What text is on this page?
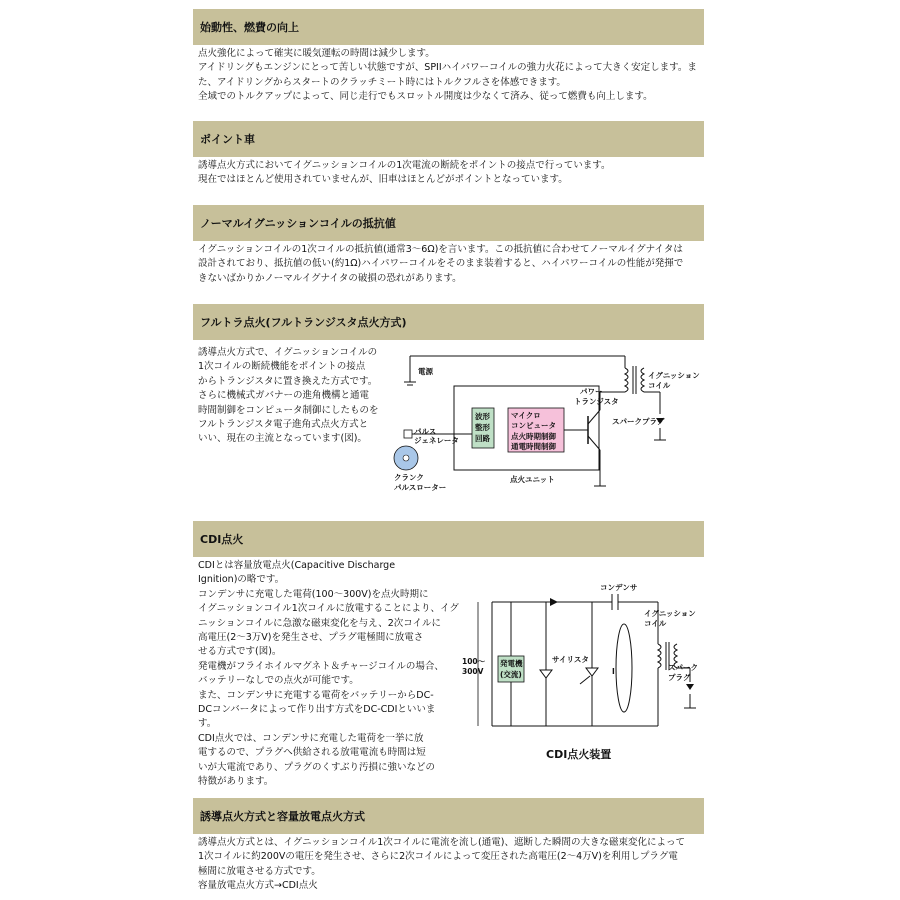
始動性、燃費の向上

点火強化によって確実に暖気運転の時間は減少します。

アイドリングもエンジンにとって苦しい状態ですが、SPIIハイパワーコイルの強力火花によって大きく安定します。ま

た、アイドリングからスタートのクラッチミート時にはトルクフルさを体感できます。

全域でのトルクアップによって、同じ走行でもスロットル開度は少なくて済み、従って燃費も向上します。

ポイント車

誘導点火方式においてイグニッションコイルの1次電流の断続をポイントの接点で行っています。

現在ではほとんど使用されていませんが、旧車はほとんどがポイントとなっています。

ノーマルイグニッションコイルの抵抗値

イグニッションコイルの1次コイルの抵抗値(通常3～6Ω)を言います。この抵抗値に合わせてノーマルイグナイタは

設計されており、抵抗値の低い(約1Ω)ハイパワーコイルをそのまま装着すると、ハイパワーコイルの性能が発揮で

きないばかりかノーマルイグナイタの破損の恐れがあります。

フルトラ点火(フルトランジスタ点火方式)

誘導点火方式で、イグニッションコイルの

1次コイルの断続機能をポイントの接点

からトランジスタに置き換えた方式です。

さらに機械式ガバナーの進角機構と通電

時間制御をコンピュータ制御にしたものを

フルトランジスタ電子進角式点火方式と

いい、現在の主流となっています(図)。

電源
波形
整形
回路
マイクロ
コンピュータ
点火時期制御
通電時間制御
パワー
トランジスタ
イグニッション
コイル
スパークプラグ
パルス
ジェネレータ
クランク
パルスローター
点火ユニット
CDI点火

CDIとは容量放電点火(Capacitive Discharge

Ignition)の略です。

コンデンサに充電した電荷(100～300V)を点火時期に

イグニッションコイル1次コイルに放電することにより、イグ

ニッションコイルに急激な磁束変化を与え、2次コイルに

高電圧(2～3万V)を発生させ、プラグ電極間に放電さ

せる方式です(図)。

発電機がフライホイルマグネト＆チャージコイルの場合、

バッテリーなしでの点火が可能です。

また、コンデンサに充電する電荷をバッテリーからDC-

DCコンバータによって作り出す方式をDC-CDIといいま

す。

CDI点火では、コンデンサに充電した電荷を一挙に放

電するので、プラグへ供給される放電電流も時間は短

いが大電流であり、プラグのくすぶり汚損に強いなどの

特徴があります。

コンデンサ
100～
300V
発電機
(交流)
サイリスタ
I
イグニッション
コイル
スパーク
プラグ
CDI点火装置
誘導点火方式と容量放電点火方式

誘導点火方式とは、イグニッションコイル1次コイルに電流を流し(通電)、遮断した瞬間の大きな磁束変化によって

1次コイルに約200Vの電圧を発生させ、さらに2次コイルによって変圧された高電圧(2～4万V)を利用しプラグ電

極間に放電させる方式です。

容量放電点火方式→CDI点火
